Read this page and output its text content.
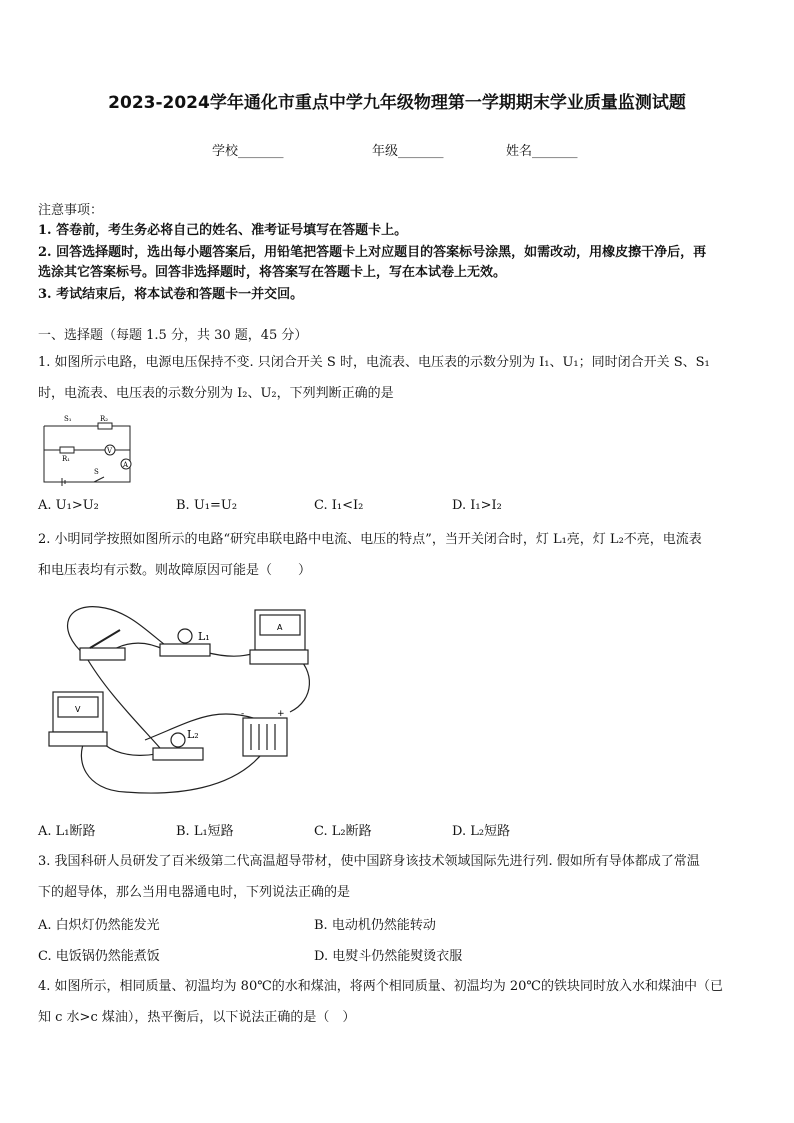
2023-2024学年通化市重点中学九年级物理第一学期期末学业质量监测试题
学校_______	年级_______	姓名_______
注意事项：
1. 答卷前，考生务必将自己的姓名、准考证号填写在答题卡上。
2. 回答选择题时，选出每小题答案后，用铅笔把答题卡上对应题目的答案标号涂黑，如需改动，用橡皮擦干净后，再
选涂其它答案标号。回答非选择题时，将答案写在答题卡上，写在本试卷上无效。
3. 考试结束后，将本试卷和答题卡一并交回。
一、选择题（每题 1.5 分，共 30 题，45 分）
1. 如图所示电路，电源电压保持不变. 只闭合开关 S 时，电流表、电压表的示数分别为 I₁、U₁；同时闭合开关 S、S₁
时，电流表、电压表的示数分别为 I₂、U₂，下列判断正确的是
S₁	R₂
R₁
V
A
S
A. U₁>U₂	B. U₁=U₂	C. I₁<I₂	D. I₁>I₂
2. 小明同学按照如图所示的电路“研究串联电路中电流、电压的特点”，当开关闭合时，灯 L₁亮，灯 L₂不亮，电流表
和电压表均有示数。则故障原因可能是（　　）
L₁
L₂
A
V	+
-
A. L₁断路	B. L₁短路	C. L₂断路	D. L₂短路
3. 我国科研人员研发了百米级第二代高温超导带材，使中国跻身该技术领域国际先进行列. 假如所有导体都成了常温
下的超导体，那么当用电器通电时，下列说法正确的是
A. 白炽灯仍然能发光	B. 电动机仍然能转动
C. 电饭锅仍然能煮饭	D. 电熨斗仍然能熨烫衣服
4. 如图所示，相同质量、初温均为 80℃的水和煤油，将两个相同质量、初温均为 20℃的铁块同时放入水和煤油中（已
知 c 水>c 煤油），热平衡后，以下说法正确的是（　）
